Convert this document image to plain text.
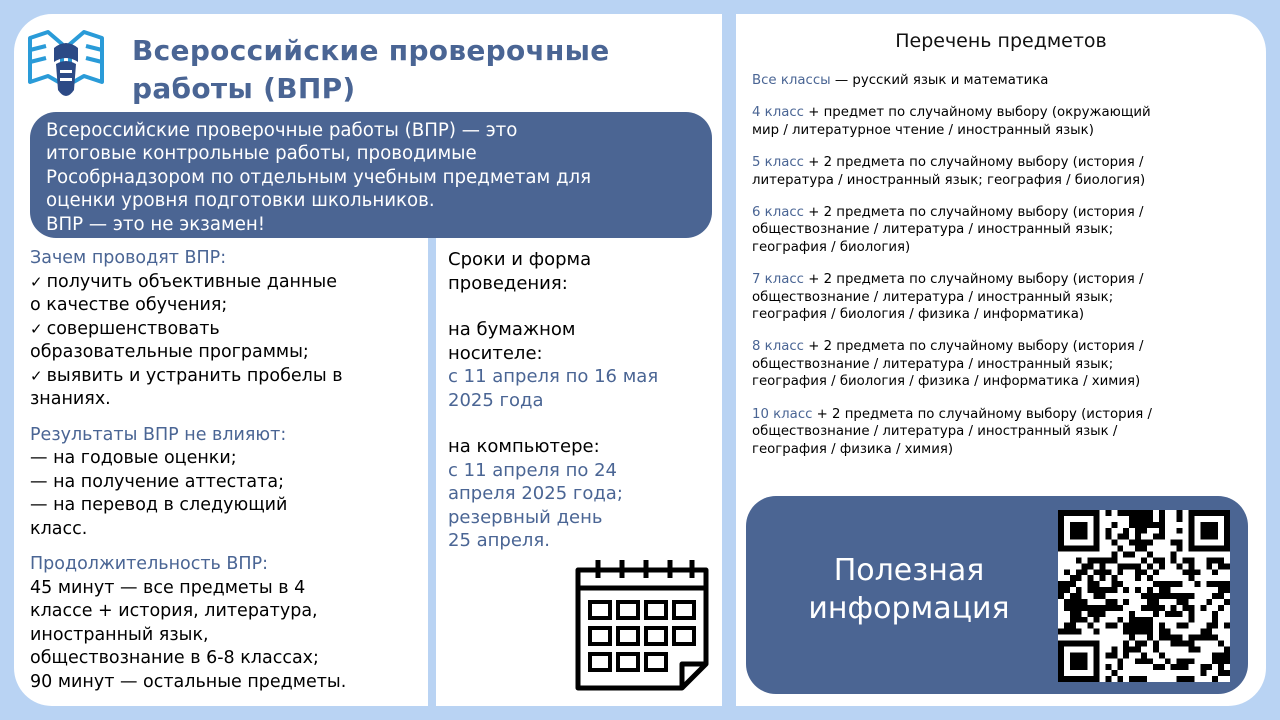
Всероссийские проверочные
работы (ВПР)

Всероссийские проверочные работы (ВПР) — это

итоговые контрольные работы, проводимые

Рособрнадзором по отдельным учебным предметам для

оценки уровня подготовки школьников.

ВПР — это не экзамен!

Зачем проводят ВПР:

✓ получить объективные данные

о качестве обучения;

✓ совершенствовать

образовательные программы;

✓ выявить и устранить пробелы в

знаниях.

Результаты ВПР не влияют:

— на годовые оценки;

— на получение аттестата;

— на перевод в следующий

класс.

Продолжительность ВПР:

45 минут — все предметы в 4

классе + история, литература,

иностранный язык,

обществознание в 6-8 классах;

90 минут — остальные предметы.

Сроки и форма

проведения:

на бумажном

носителе:

с 11 апреля по 16 мая

2025 года

на компьютере:

с 11 апреля по 24

апреля 2025 года;

резервный день

25 апреля.

Перечень предметов

Все классы — русский язык и математика

4 класс + предмет по случайному выбору (окружающий
мир / литературное чтение / иностранный язык)

5 класс + 2 предмета по случайному выбору (история /
литература / иностранный язык; география / биология)

6 класс + 2 предмета по случайному выбору (история /
обществознание / литература / иностранный язык;
география / биология)

7 класс + 2 предмета по случайному выбору (история /
обществознание / литература / иностранный язык;
география / биология / физика / информатика)

8 класс + 2 предмета по случайному выбору (история /
обществознание / литература / иностранный язык;
география / биология / физика / информатика / химия)

10 класс + 2 предмета по случайному выбору (история /
обществознание / литература / иностранный язык /
география / физика / химия)

Полезная
информация
